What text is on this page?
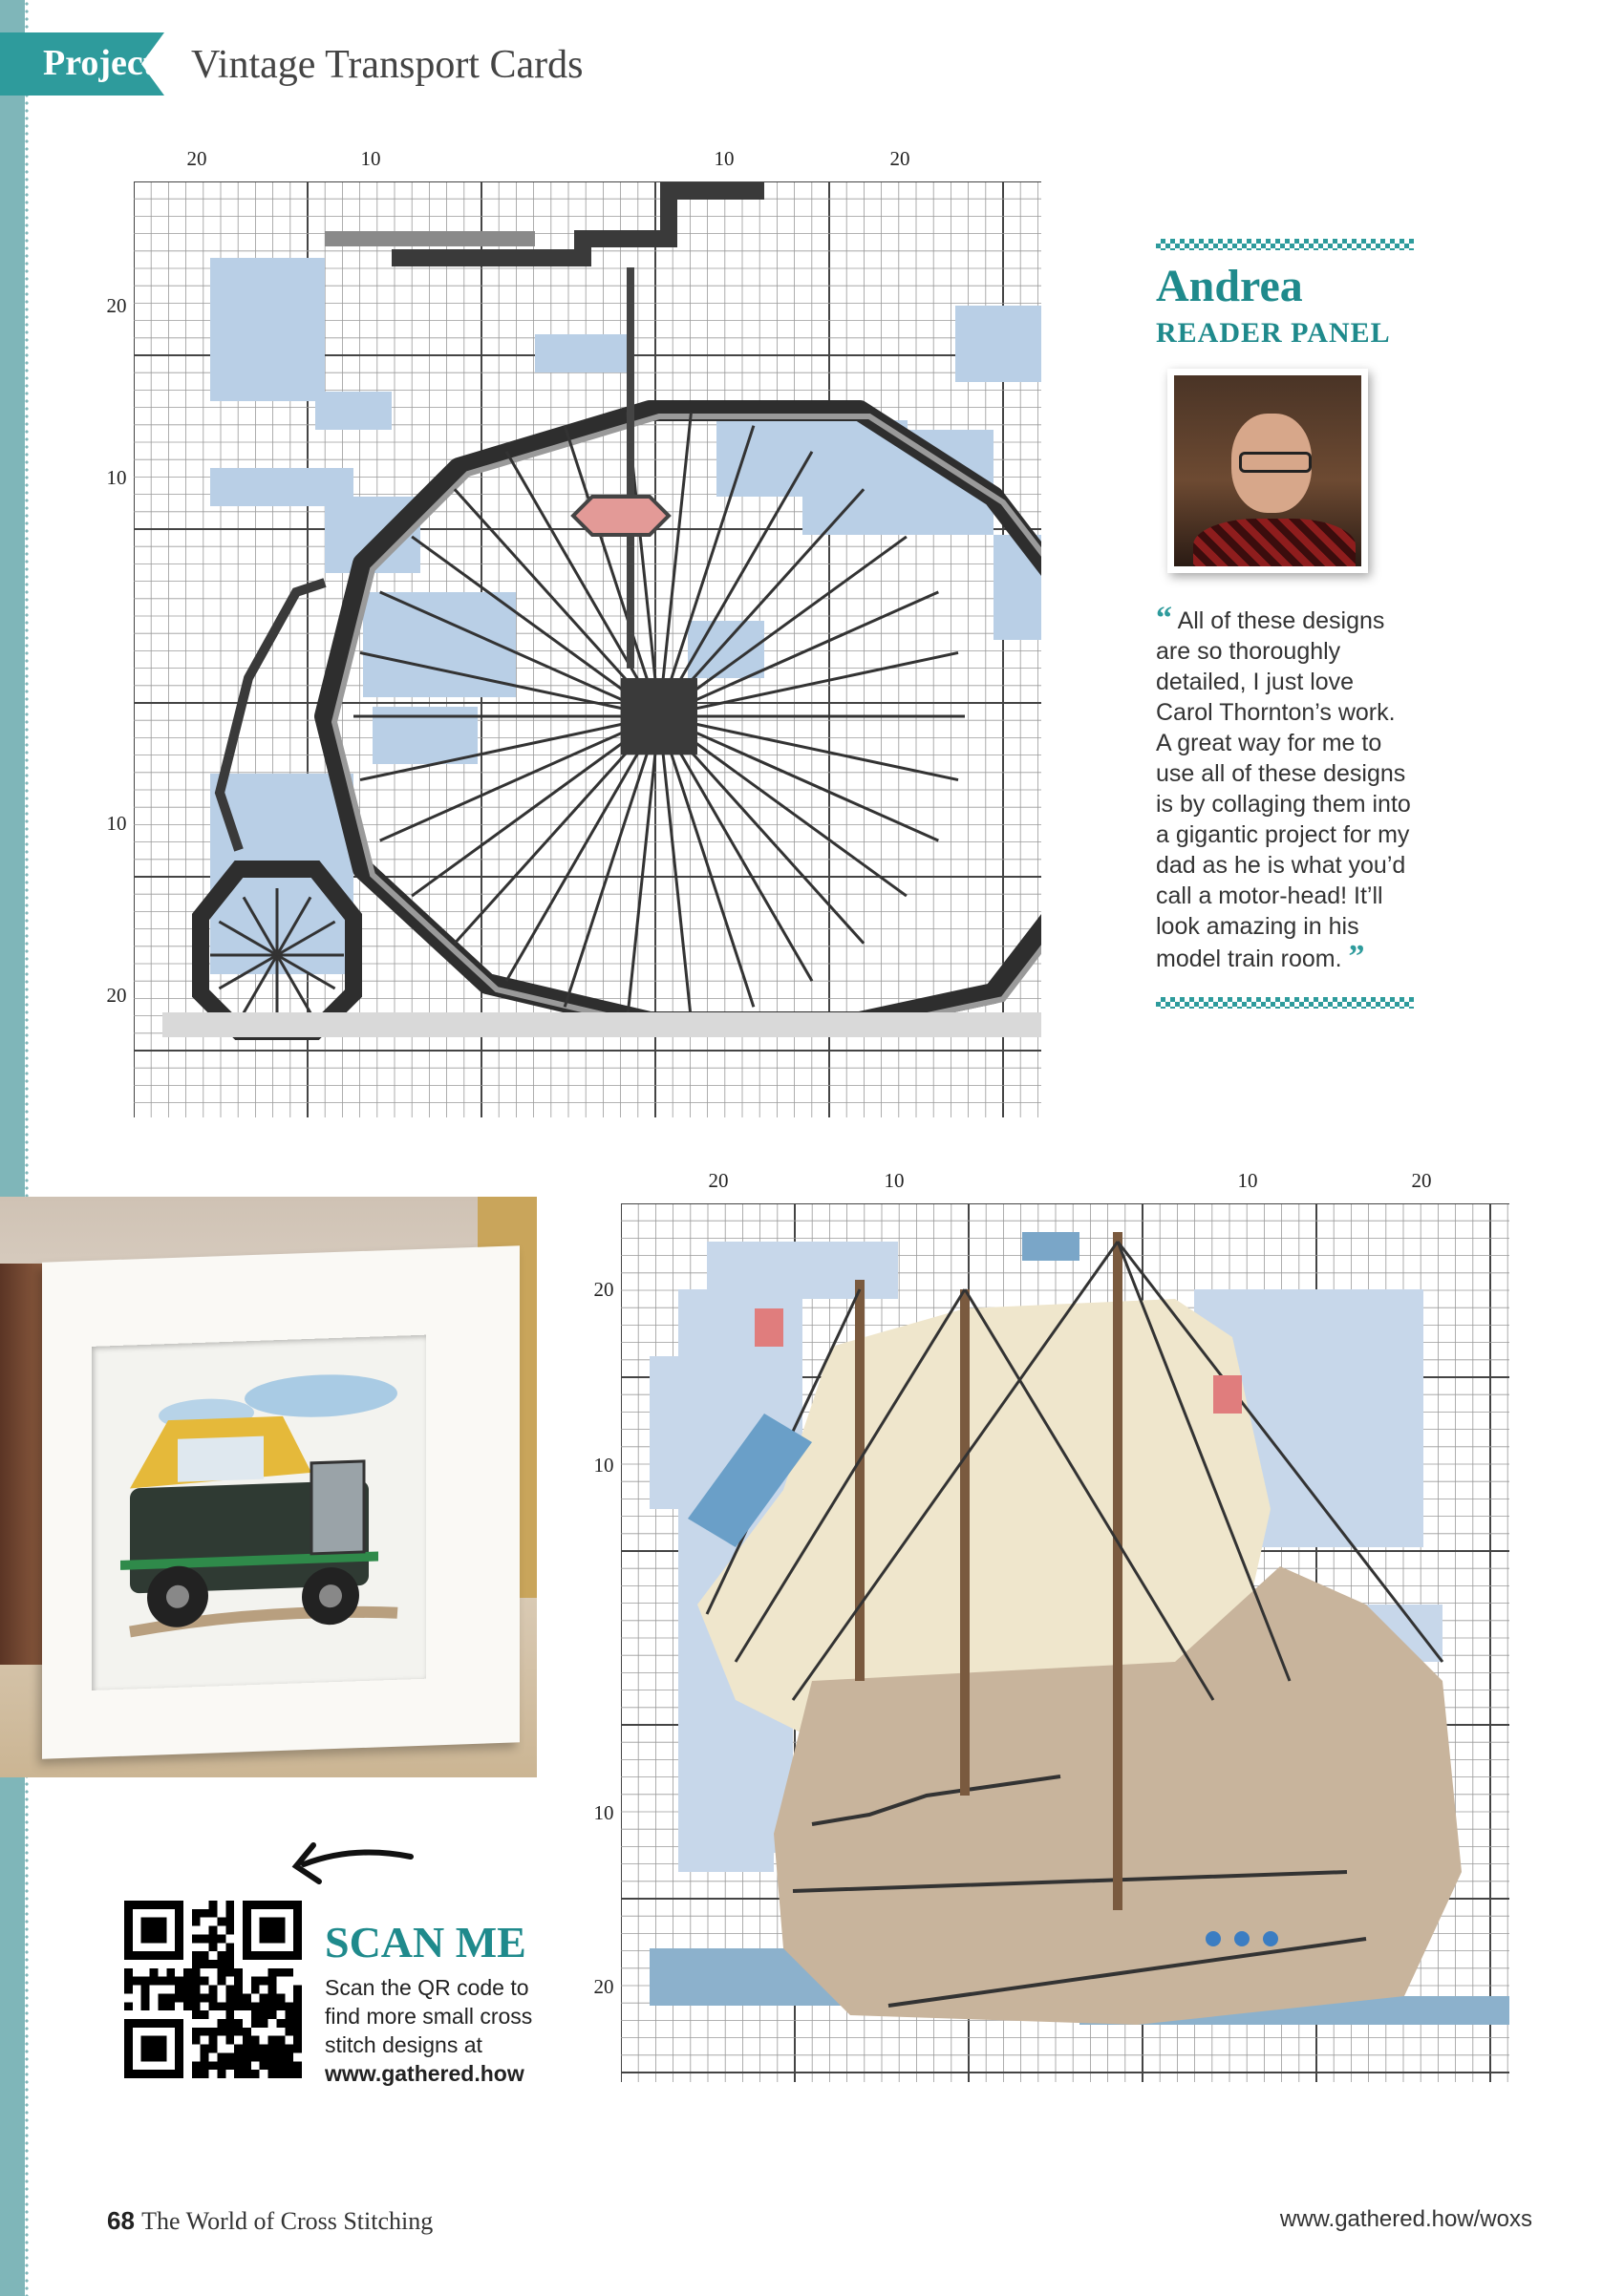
Project Vintage Transport Cards
20	10	10	20
20
10
10
20
Andrea
READER PANEL
“ All of these designs are so thoroughly detailed, I just love Carol Thornton’s work. A great way for me to use all of these designs is by collaging them into a gigantic project for my dad as he is what you’d call a motor-head! It’ll look amazing in his model train room. ”
20	10	10	20
20
10
10
20
SCAN ME
Scan the QR code to find more small cross stitch designs at www.gathered.how
68 The World of Cross Stitching	www.gathered.how/woxs
